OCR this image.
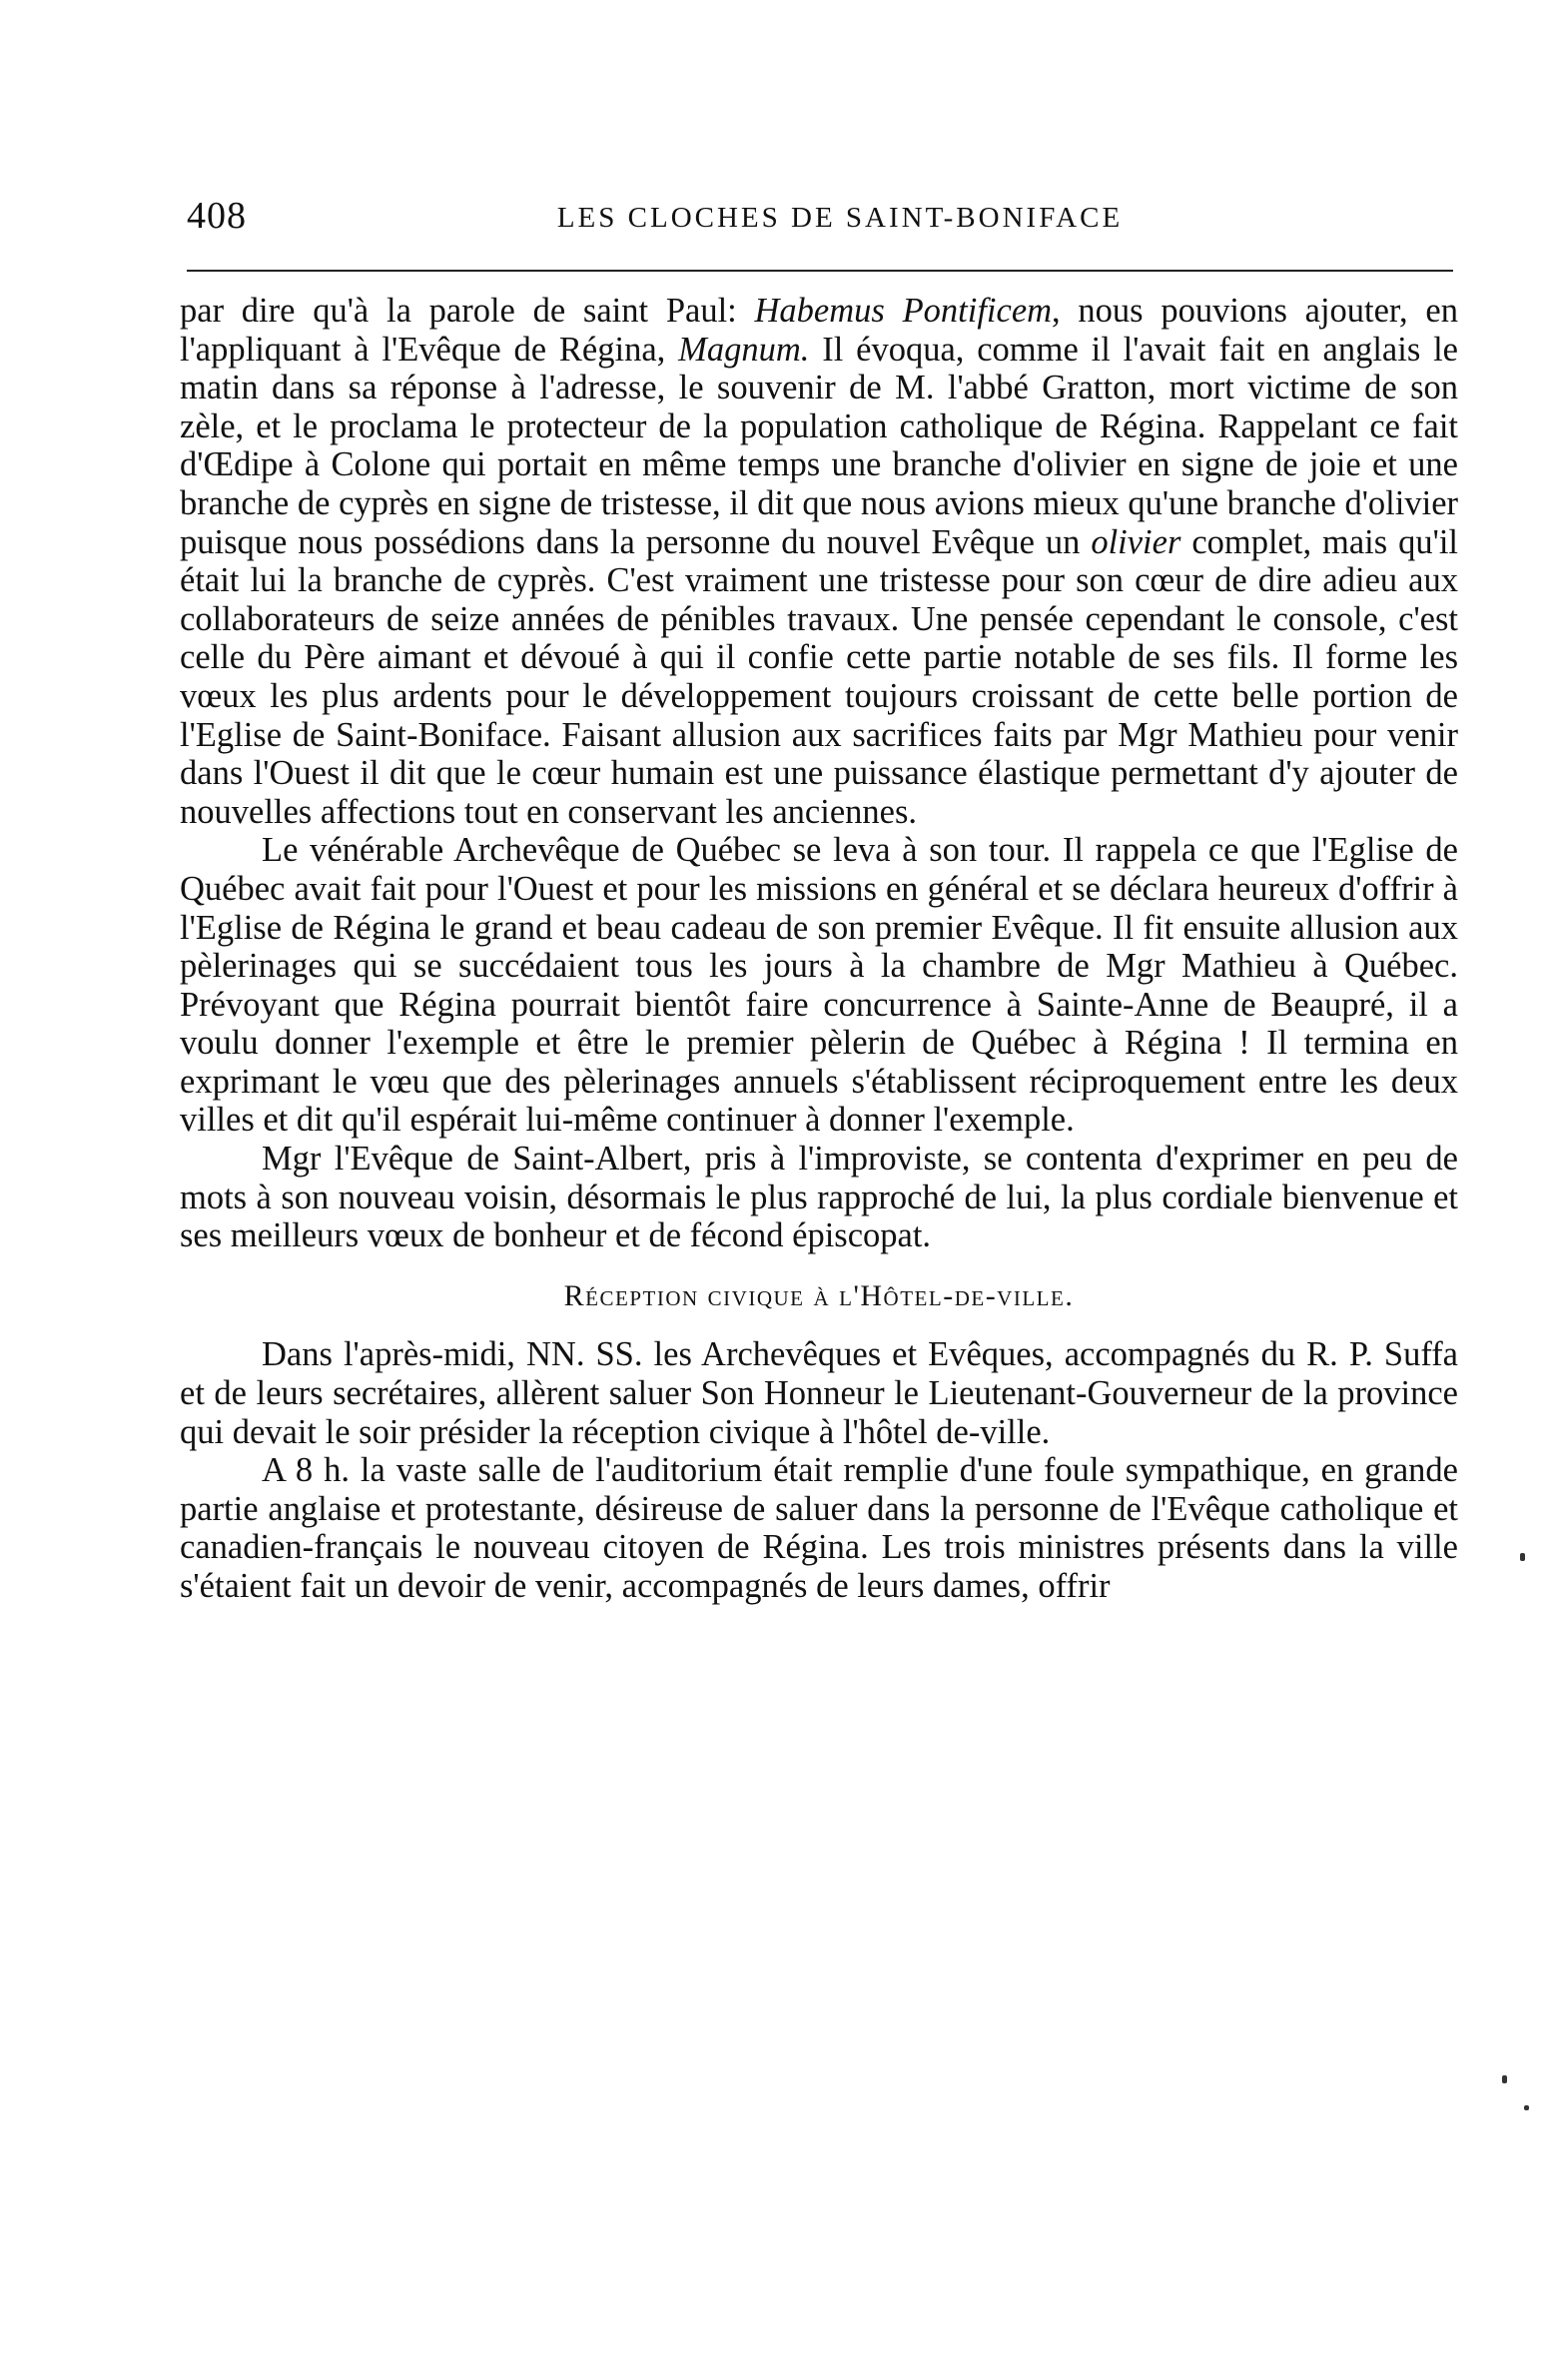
408	LES CLOCHES DE SAINT-BONIFACE

par dire qu'à la parole de saint Paul: Habemus Pontificem, nous pouvions ajouter, en l'appliquant à l'Evêque de Régina, Magnum. Il évoqua, comme il l'avait fait en anglais le matin dans sa réponse à l'adresse, le souvenir de M. l'abbé Gratton, mort victime de son zèle, et le proclama le protecteur de la population catholique de Régina. Rappelant ce fait d'Œdipe à Colone qui portait en même temps une branche d'olivier en signe de joie et une branche de cyprès en signe de tristesse, il dit que nous avions mieux qu'une branche d'olivier puisque nous possédions dans la personne du nouvel Evêque un olivier complet, mais qu'il était lui la branche de cyprès. C'est vraiment une tristesse pour son cœur de dire adieu aux collaborateurs de seize années de pénibles travaux. Une pensée cependant le console, c'est celle du Père aimant et dévoué à qui il confie cette partie notable de ses fils. Il forme les vœux les plus ardents pour le développement toujours croissant de cette belle portion de l'Eglise de Saint-Boniface. Faisant allusion aux sacrifices faits par Mgr Mathieu pour venir dans l'Ouest il dit que le cœur humain est une puissance élastique permettant d'y ajouter de nouvelles affections tout en conservant les anciennes.

Le vénérable Archevêque de Québec se leva à son tour. Il rappela ce que l'Eglise de Québec avait fait pour l'Ouest et pour les missions en général et se déclara heureux d'offrir à l'Eglise de Régina le grand et beau cadeau de son premier Evêque. Il fit ensuite allusion aux pèlerinages qui se succédaient tous les jours à la chambre de Mgr Mathieu à Québec. Prévoyant que Régina pourrait bientôt faire concurrence à Sainte-Anne de Beaupré, il a voulu donner l'exemple et être le premier pèlerin de Québec à Régina ! Il termina en exprimant le vœu que des pèlerinages annuels s'établissent réciproquement entre les deux villes et dit qu'il espérait lui-même continuer à donner l'exemple.

Mgr l'Evêque de Saint-Albert, pris à l'improviste, se contenta d'exprimer en peu de mots à son nouveau voisin, désormais le plus rapproché de lui, la plus cordiale bienvenue et ses meilleurs vœux de bonheur et de fécond épiscopat.

Réception civique à l'Hôtel-de-ville.

Dans l'après-midi, NN. SS. les Archevêques et Evêques, accompagnés du R. P. Suffa et de leurs secrétaires, allèrent saluer Son Honneur le Lieutenant-Gouverneur de la province qui devait le soir présider la réception civique à l'hôtel de-ville.

A 8 h. la vaste salle de l'auditorium était remplie d'une foule sympathique, en grande partie anglaise et protestante, désireuse de saluer dans la personne de l'Evêque catholique et canadien-français le nouveau citoyen de Régina. Les trois ministres présents dans la ville s'étaient fait un devoir de venir, accompagnés de leurs dames, offrir
